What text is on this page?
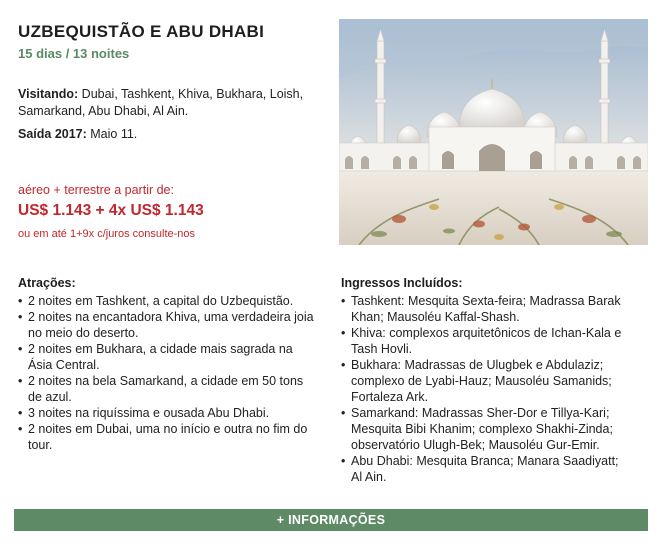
UZBEQUISTÃO E ABU DHABI
15 dias / 13 noites
Visitando: Dubai, Tashkent, Khiva, Bukhara, Loish, Samarkand, Abu Dhabi, Al Ain.
Saída 2017: Maio 11.
aéreo + terrestre a partir de:
US$ 1.143 + 4x US$ 1.143
ou em até 1+9x c/juros consulte-nos
Atrações:
• 2 noites em Tashkent, a capital do Uzbequistão.
• 2 noites na encantadora Khiva, uma verdadeira joia no meio do deserto.
• 2 noites em Bukhara, a cidade mais sagrada na Ásia Central.
• 2 noites na bela Samarkand, a cidade em 50 tons de azul.
• 3 noites na riquíssima e ousada Abu Dhabi.
• 2 noites em Dubai, uma no início e outra no fim do tour.
Ingressos Incluídos:
• Tashkent: Mesquita Sexta-feira; Madrassa Barak Khan; Mausoléu Kaffal-Shash.
• Khiva: complexos arquitetônicos de Ichan-Kala e Tash Hovli.
• Bukhara: Madrassas de Ulugbek e Abdulaziz; complexo de Lyabi-Hauz; Mausoléu Samanids; Fortaleza Ark.
• Samarkand: Madrassas Sher-Dor e Tillya-Kari; Mesquita Bibi Khanim; complexo Shakhi-Zinda; observatório Ulugh-Bek; Mausoléu Gur-Emir.
• Abu Dhabi: Mesquita Branca; Manara Saadiyatt; Al Ain.
+ INFORMAÇÕES
